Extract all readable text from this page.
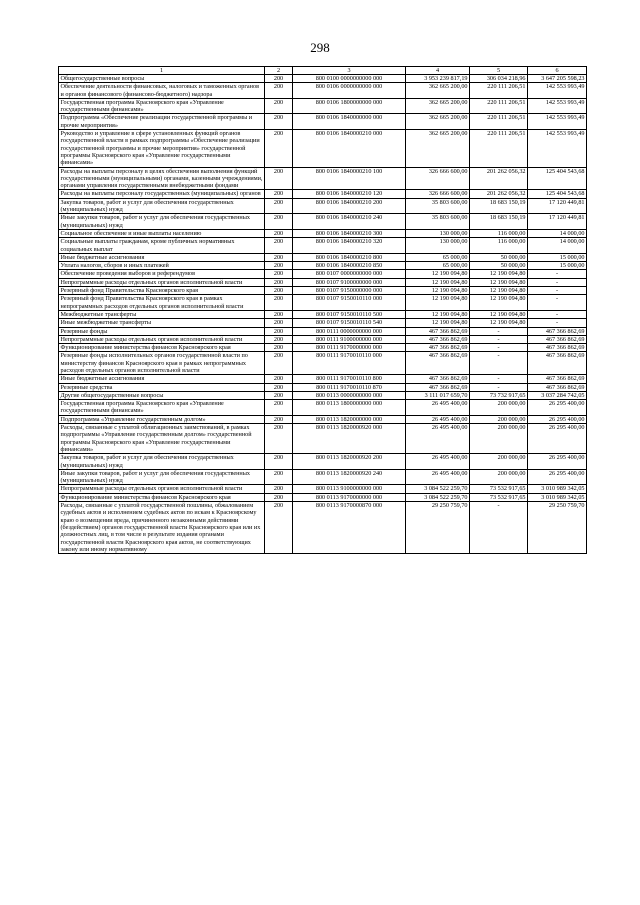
298
1	2	3	4	5	6
Общегосударственные вопросы	200	800 0100 0000000000 000	3 953 239 817,19	306 034 218,96	3 647 205 598,23
Обеспечение деятельности финансовых, налоговых и таможенных органов и органов финансового (финансово-бюджетного) надзора	200	800 0106 0000000000 000	362 665 200,00	220 111 206,51	142 553 993,49
Государственная программа Красноярского края «Управление государственными финансами»	200	800 0106 1800000000 000	362 665 200,00	220 111 206,51	142 553 993,49
Подпрограмма «Обеспечение реализации государственной программы и прочие мероприятия»	200	800 0106 1840000000 000	362 665 200,00	220 111 206,51	142 553 993,49
Руководство и управление в сфере установленных функций органов государственной власти в рамках подпрограммы «Обеспечение реализации государственной программы и прочие мероприятия» государственной программы Красноярского края «Управление государственными финансами»	200	800 0106 1840000210 000	362 665 200,00	220 111 206,51	142 553 993,49
Расходы на выплаты персоналу в целях обеспечения выполнения функций государственными (муниципальными) органами, казенными учреждениями, органами управления государственными внебюджетными фондами	200	800 0106 1840000210 100	326 666 600,00	201 262 056,32	125 404 543,68
Расходы на выплаты персоналу государственных (муниципальных) органов	200	800 0106 1840000210 120	326 666 600,00	201 262 056,32	125 404 543,68
Закупка товаров, работ и услуг для обеспечения государственных (муниципальных) нужд	200	800 0106 1840000210 200	35 803 600,00	18 683 150,19	17 120 449,81
Иные закупки товаров, работ и услуг для обеспечения государственных (муниципальных) нужд	200	800 0106 1840000210 240	35 803 600,00	18 683 150,19	17 120 449,81
Социальное обеспечение и иные выплаты населению	200	800 0106 1840000210 300	130 000,00	116 000,00	14 000,00
Социальные выплаты гражданам, кроме публичных нормативных социальных выплат	200	800 0106 1840000210 320	130 000,00	116 000,00	14 000,00
Иные бюджетные ассигнования	200	800 0106 1840000210 800	65 000,00	50 000,00	15 000,00
Уплата налогов, сборов и иных платежей	200	800 0106 1840000210 850	65 000,00	50 000,00	15 000,00
Обеспечение проведения выборов и референдумов	200	800 0107 0000000000 000	12 190 094,80	12 190 094,80	-
Непрограммные расходы отдельных органов исполнительной власти	200	800 0107 9100000000 000	12 190 094,80	12 190 094,80	-
Резервный фонд Правительства Красноярского края	200	800 0107 9150000000 000	12 190 094,80	12 190 094,80	-
Резервный фонд Правительства Красноярского края в рамках непрограммных расходов отдельных органов исполнительной власти	200	800 0107 9150010110 000	12 190 094,80	12 190 094,80	-
Межбюджетные трансферты	200	800 0107 9150010110 500	12 190 094,80	12 190 094,80	-
Иные межбюджетные трансферты	200	800 0107 9150010110 540	12 190 094,80	12 190 094,80	-
Резервные фонды	200	800 0111 0000000000 000	467 366 862,69	-	467 366 862,69
Непрограммные расходы отдельных органов исполнительной власти	200	800 0111 9100000000 000	467 366 862,69	-	467 366 862,69
Функционирование министерства финансов Красноярского края	200	800 0111 9170000000 000	467 366 862,69	-	467 366 862,69
Резервные фонды исполнительных органов государственной власти по министерству финансов Красноярского края в рамках непрограммных расходов отдельных органов исполнительной власти	200	800 0111 9170010110 000	467 366 862,69	-	467 366 862,69
Иные бюджетные ассигнования	200	800 0111 9170010110 800	467 366 862,69	-	467 366 862,69
Резервные средства	200	800 0111 9170010110 870	467 366 862,69	-	467 366 862,69
Другие общегосударственные вопросы	200	800 0113 0000000000 000	3 111 017 659,70	73 732 917,65	3 037 284 742,05
Государственная программа Красноярского края «Управление государственными финансами»	200	800 0113 1800000000 000	26 495 400,00	200 000,00	26 295 400,00
Подпрограмма «Управление государственным долгом»	200	800 0113 1820000000 000	26 495 400,00	200 000,00	26 295 400,00
Расходы, связанные с уплатой облигационных заимствований, в рамках подпрограммы «Управление государственным долгом» государственной программы Красноярского края «Управление государственными финансами»	200	800 0113 1820000920 000	26 495 400,00	200 000,00	26 295 400,00
Закупка товаров, работ и услуг для обеспечения государственных (муниципальных) нужд	200	800 0113 1820000920 200	26 495 400,00	200 000,00	26 295 400,00
Иные закупки товаров, работ и услуг для обеспечения государственных (муниципальных) нужд	200	800 0113 1820000920 240	26 495 400,00	200 000,00	26 295 400,00
Непрограммные расходы отдельных органов исполнительной власти	200	800 0113 9100000000 000	3 084 522 259,70	73 532 917,65	3 010 989 342,05
Функционирование министерства финансов Красноярского края	200	800 0113 9170000000 000	3 084 522 259,70	73 532 917,65	3 010 989 342,05
Расходы, связанные с уплатой государственной пошлины, обжалованием судебных актов и исполнением судебных актов по искам к Красноярскому краю о возмещении вреда, причиненного незаконными действиями (бездействием) органов государственной власти Красноярского края или их должностных лиц, в том числе в результате издания органами государственной власти Красноярского края актов, не соответствующих закону или иному нормативному	200	800 0113 9170000870 000	29 250 759,70	-	29 250 759,70
